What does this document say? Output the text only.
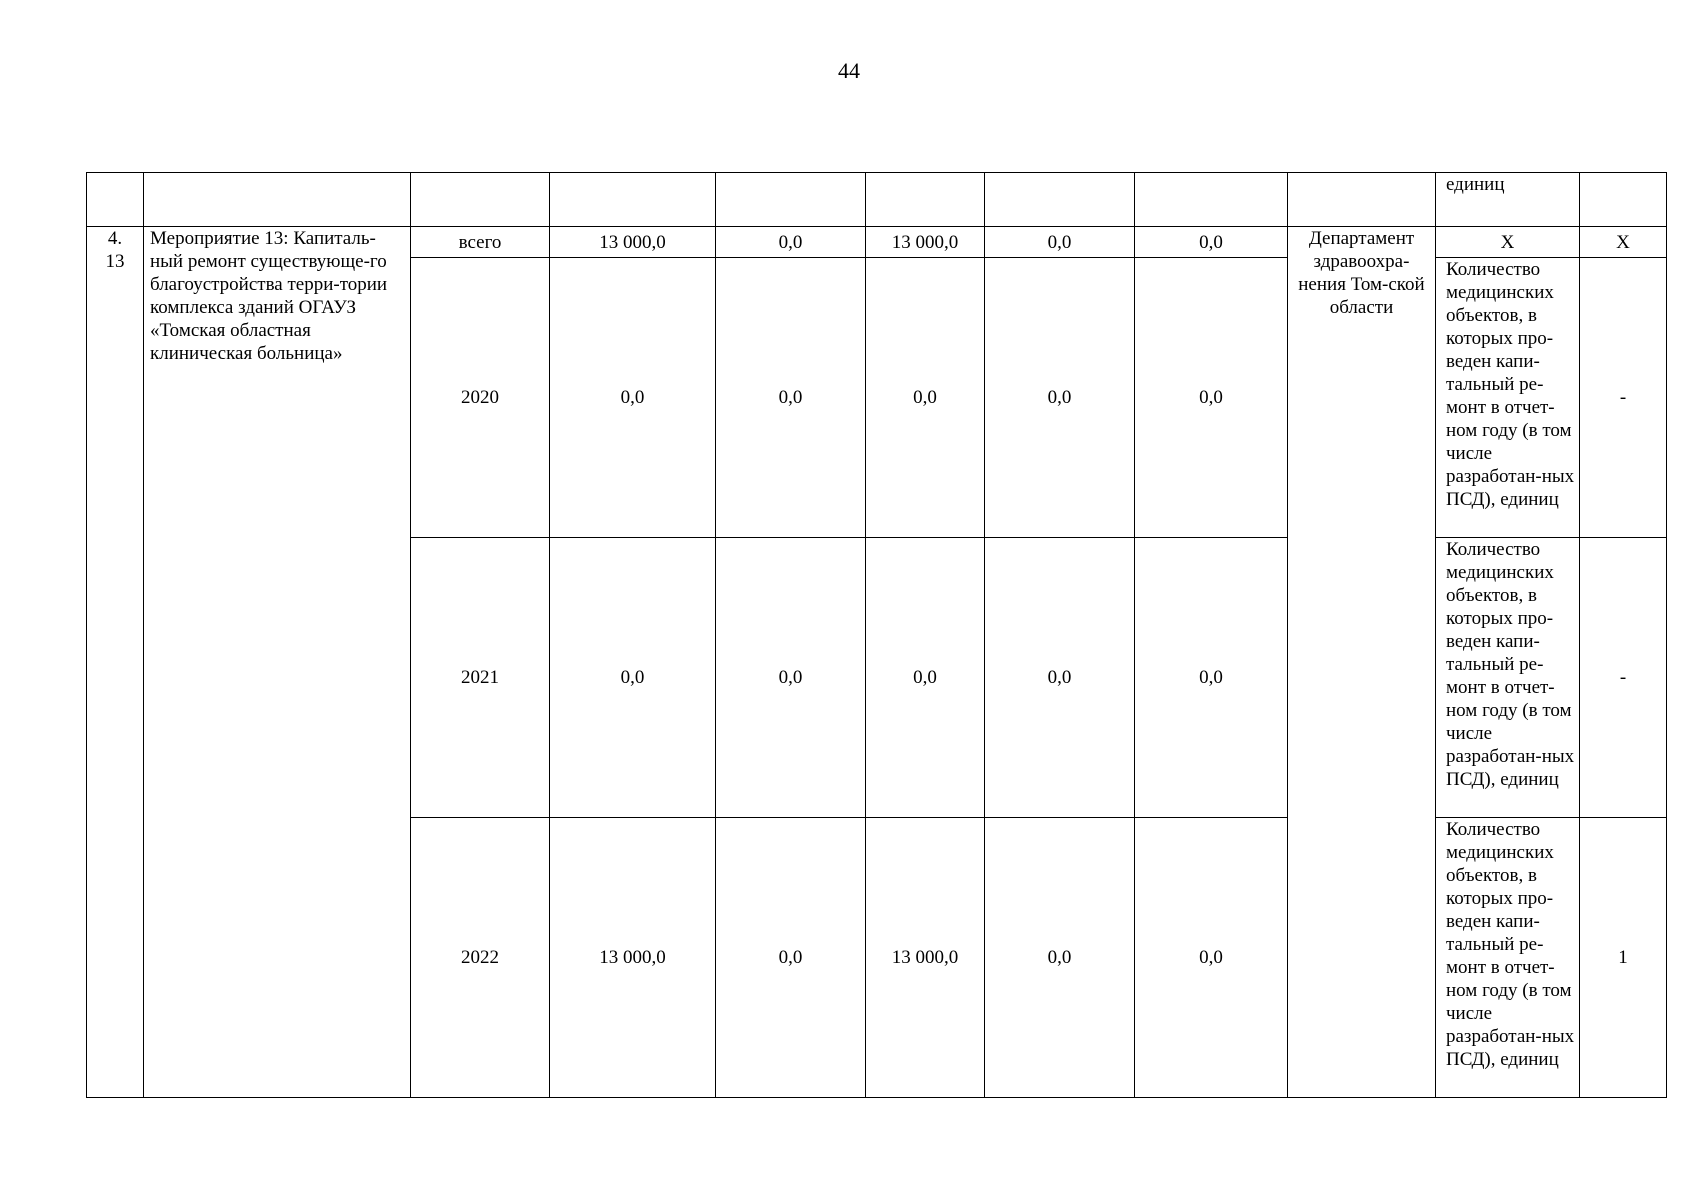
44
									единиц	
4.
13	Мероприятие 13: Капиталь-ный ремонт существующе-го благоустройства терри-тории комплекса зданий ОГАУЗ «Томская областная клиническая больница»	всего	13 000,0	0,0	13 000,0	0,0	0,0	Департамент здравоохра-нения Том-ской области	Х	Х
		2020	0,0	0,0	0,0	0,0	0,0		Количество медицинских объектов, в которых про-веден капи-тальный ре-монт в отчет-ном году (в том числе разработан-ных ПСД), единиц	-
		2021	0,0	0,0	0,0	0,0	0,0		Количество медицинских объектов, в которых про-веден капи-тальный ре-монт в отчет-ном году (в том числе разработан-ных ПСД), единиц	-
		2022	13 000,0	0,0	13 000,0	0,0	0,0		Количество медицинских объектов, в которых про-веден капи-тальный ре-монт в отчет-ном году (в том числе разработан-ных ПСД), единиц	1
